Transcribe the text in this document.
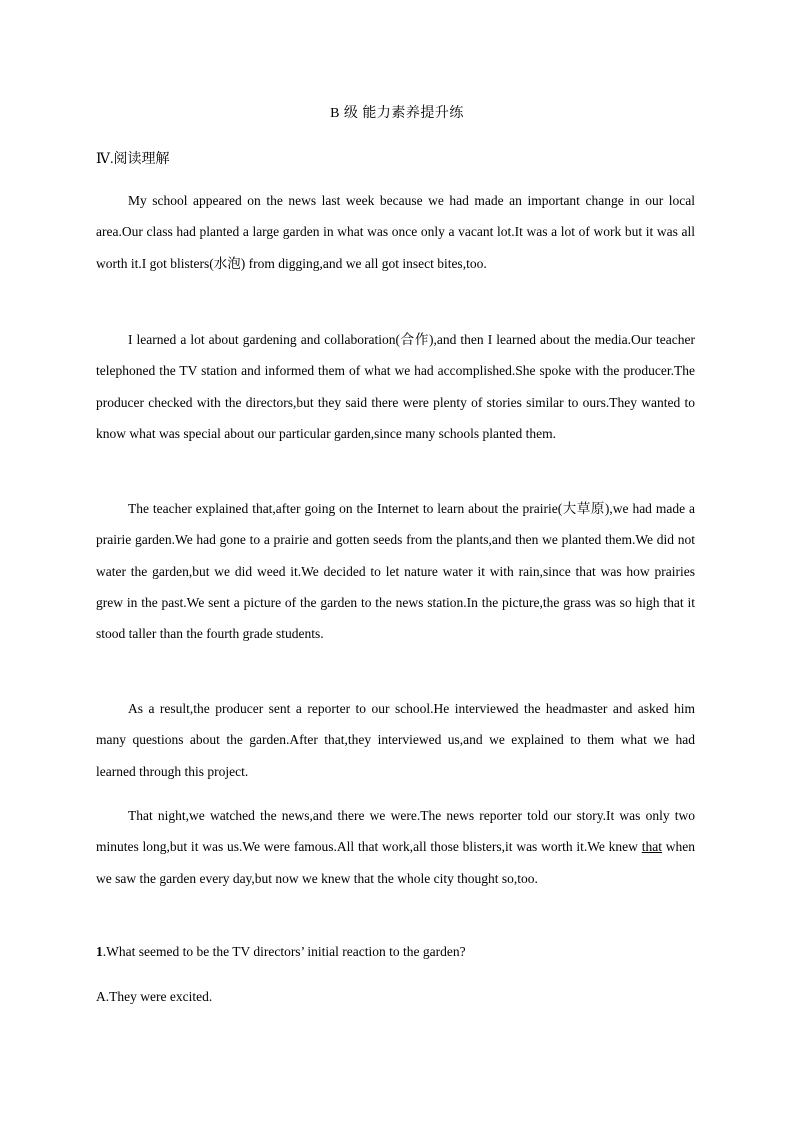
B 级 能力素养提升练
Ⅳ.阅读理解

My school appeared on the news last week because we had made an important change in our local area.Our class had planted a large garden in what was once only a vacant lot.It was a lot of work but it was all worth it.I got blisters(水泡) from digging,and we all got insect bites,too.

I learned a lot about gardening and collaboration(合作),and then I learned about the media.Our teacher telephoned the TV station and informed them of what we had accomplished.She spoke with the producer.The producer checked with the directors,but they said there were plenty of stories similar to ours.They wanted to know what was special about our particular garden,since many schools planted them.

The teacher explained that,after going on the Internet to learn about the prairie(大草原),we had made a prairie garden.We had gone to a prairie and gotten seeds from the plants,and then we planted them.We did not water the garden,but we did weed it.We decided to let nature water it with rain,since that was how prairies grew in the past.We sent a picture of the garden to the news station.In the picture,the grass was so high that it stood taller than the fourth grade students.

As a result,the producer sent a reporter to our school.He interviewed the headmaster and asked him many questions about the garden.After that,they interviewed us,and we explained to them what we had learned through this project.

That night,we watched the news,and there we were.The news reporter told our story.It was only two minutes long,but it was us.We were famous.All that work,all those blisters,it was worth it.We knew that when we saw the garden every day,but now we knew that the whole city thought so,too.

1.What seemed to be the TV directors’ initial reaction to the garden?

A.They were excited.
